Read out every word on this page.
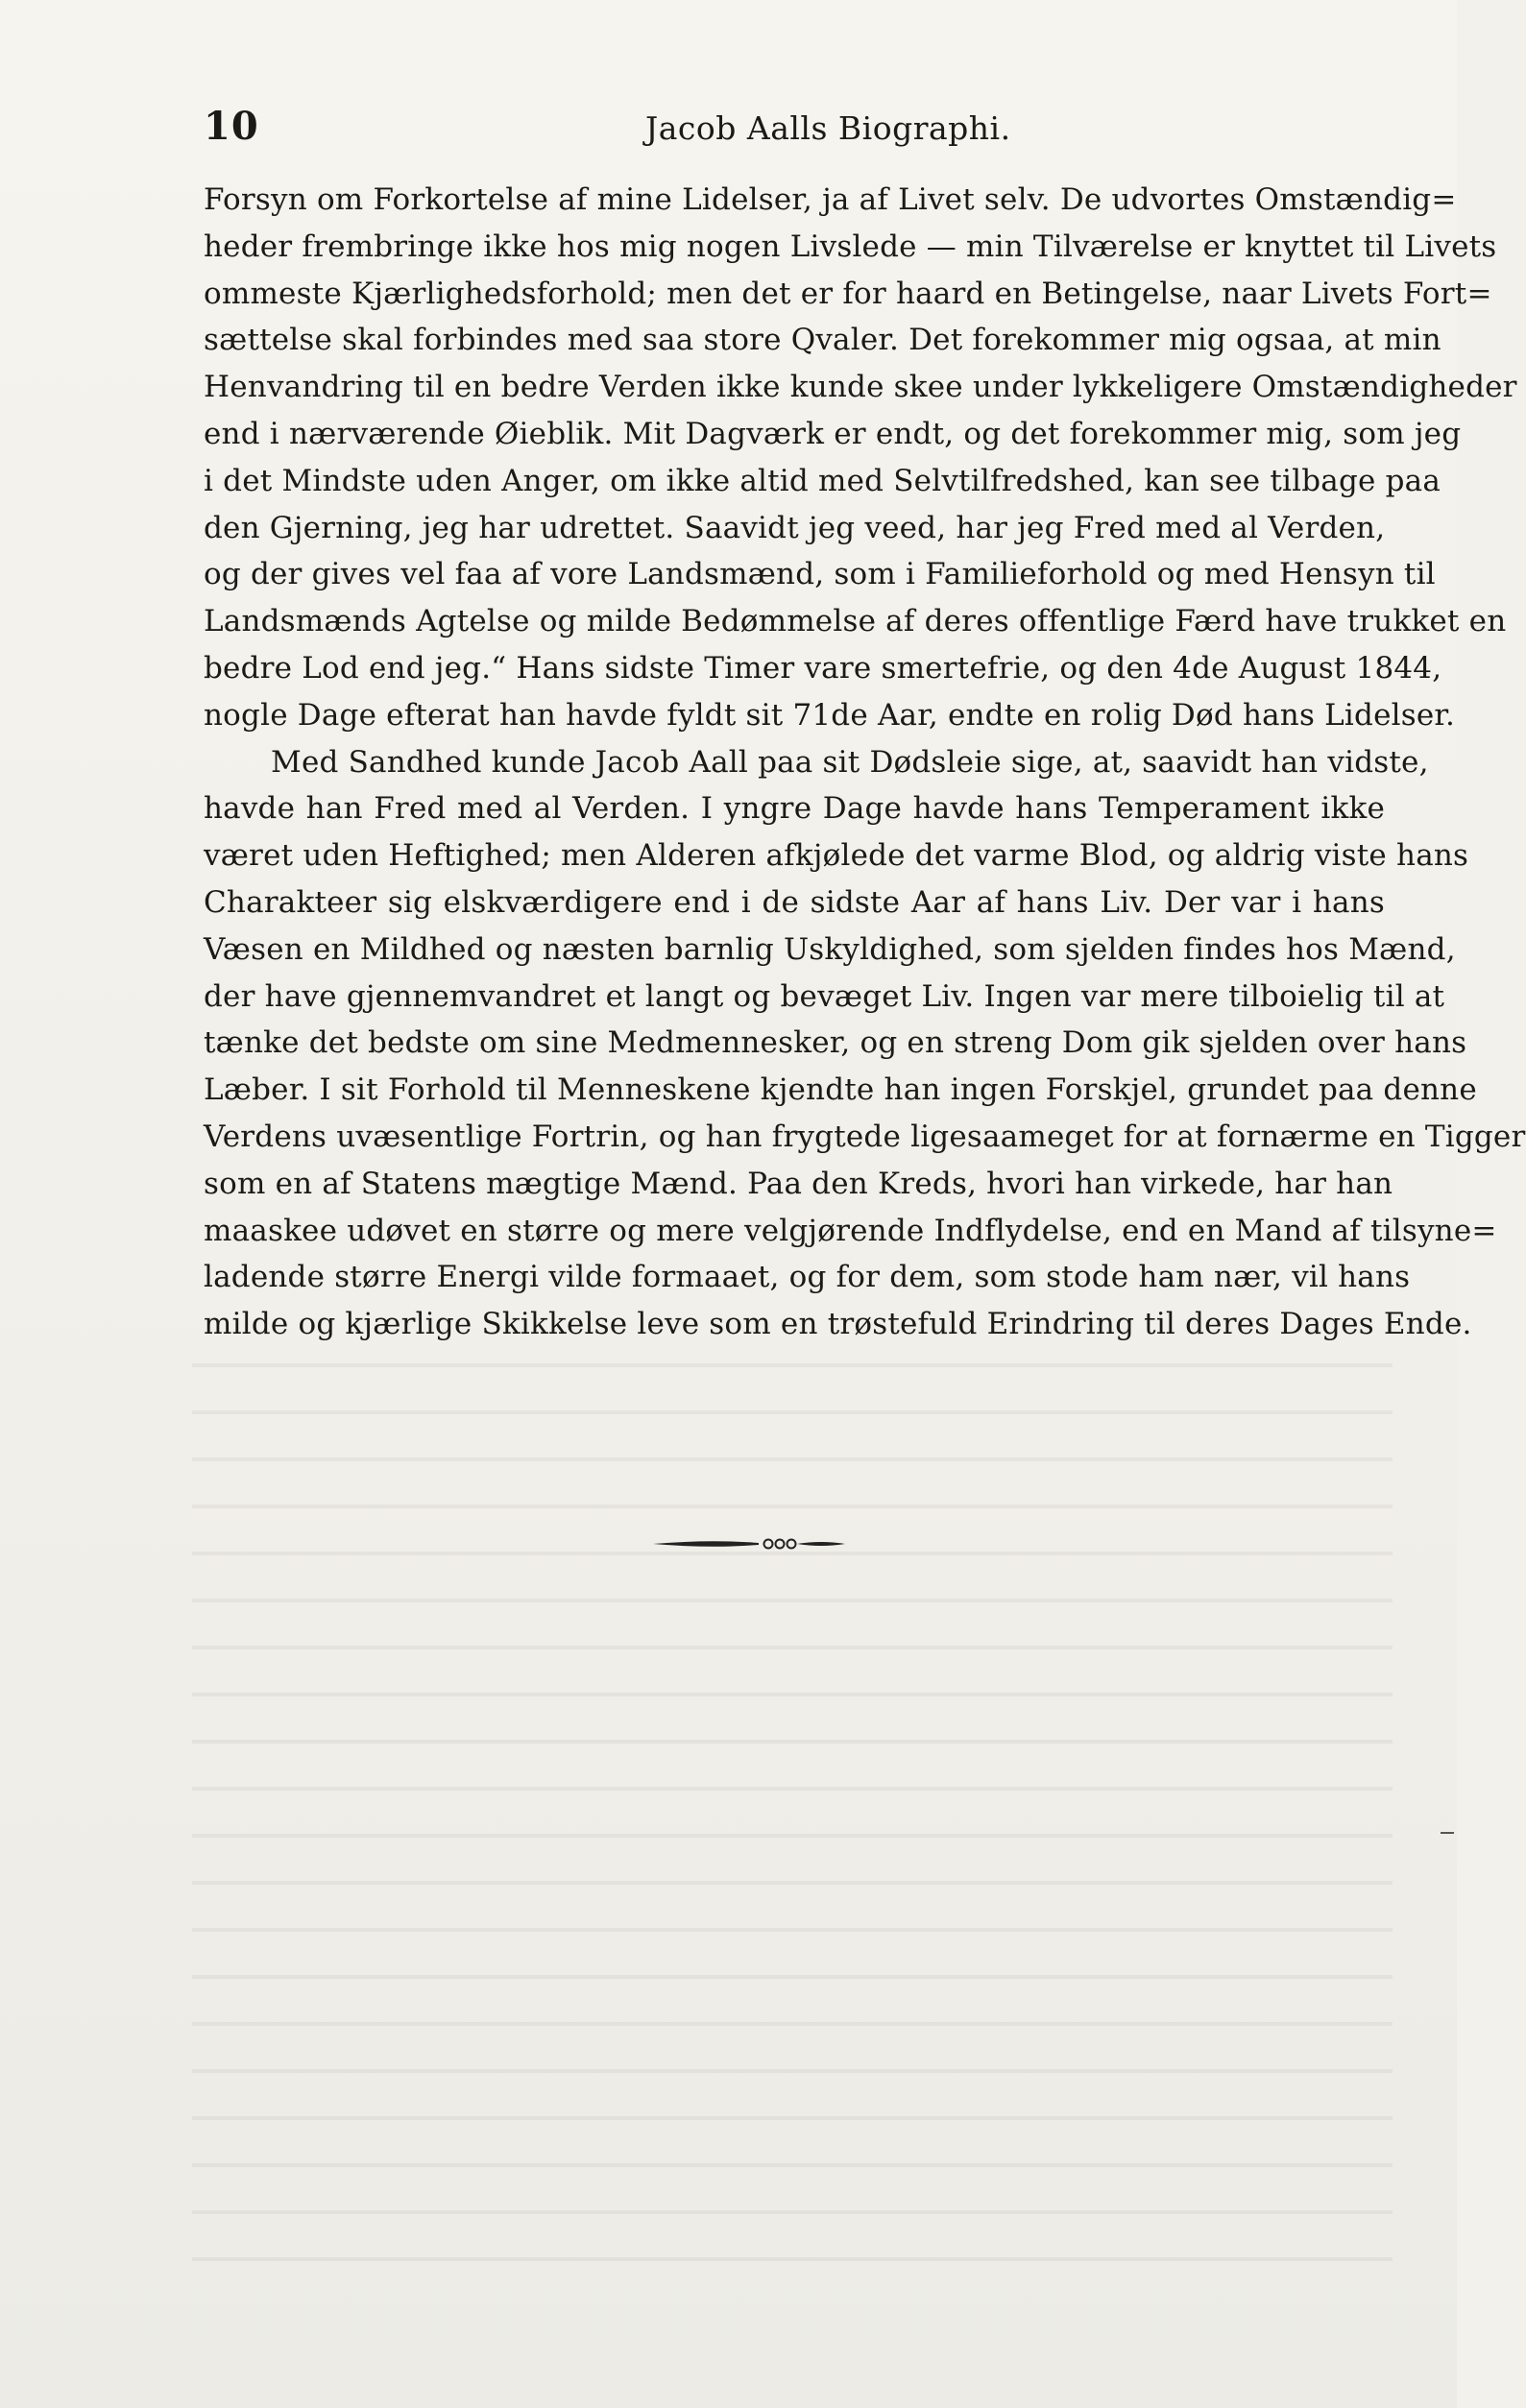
10	Jacob Aalls Biographi.
Forsyn om Forkortelse af mine Lidelser, ja af Livet selv. De udvortes Omstændig=
heder frembringe ikke hos mig nogen Livslede — min Tilværelse er knyttet til Livets
ommeste Kjærlighedsforhold; men det er for haard en Betingelse, naar Livets Fort=
sættelse skal forbindes med saa store Qvaler. Det forekommer mig ogsaa, at min
Henvandring til en bedre Verden ikke kunde skee under lykkeligere Omstændigheder
end i nærværende Øieblik. Mit Dagværk er endt, og det forekommer mig, som jeg
i det Mindste uden Anger, om ikke altid med Selvtilfredshed, kan see tilbage paa
den Gjerning, jeg har udrettet. Saavidt jeg veed, har jeg Fred med al Verden,
og der gives vel faa af vore Landsmænd, som i Familieforhold og med Hensyn til
Landsmænds Agtelse og milde Bedømmelse af deres offentlige Færd have trukket en
bedre Lod end jeg.“ Hans sidste Timer vare smertefrie, og den 4de August 1844,
nogle Dage efterat han havde fyldt sit 71de Aar, endte en rolig Død hans Lidelser.
Med Sandhed kunde Jacob Aall paa sit Dødsleie sige, at, saavidt han vidste,
havde han Fred med al Verden. I yngre Dage havde hans Temperament ikke
været uden Heftighed; men Alderen afkjølede det varme Blod, og aldrig viste hans
Charakteer sig elskværdigere end i de sidste Aar af hans Liv. Der var i hans
Væsen en Mildhed og næsten barnlig Uskyldighed, som sjelden findes hos Mænd,
der have gjennemvandret et langt og bevæget Liv. Ingen var mere tilboielig til at
tænke det bedste om sine Medmennesker, og en streng Dom gik sjelden over hans
Læber. I sit Forhold til Menneskene kjendte han ingen Forskjel, grundet paa denne
Verdens uvæsentlige Fortrin, og han frygtede ligesaameget for at fornærme en Tigger
som en af Statens mægtige Mænd. Paa den Kreds, hvori han virkede, har han
maaskee udøvet en større og mere velgjørende Indflydelse, end en Mand af tilsyne=
ladende større Energi vilde formaaet, og for dem, som stode ham nær, vil hans
milde og kjærlige Skikkelse leve som en trøstefuld Erindring til deres Dages Ende.
